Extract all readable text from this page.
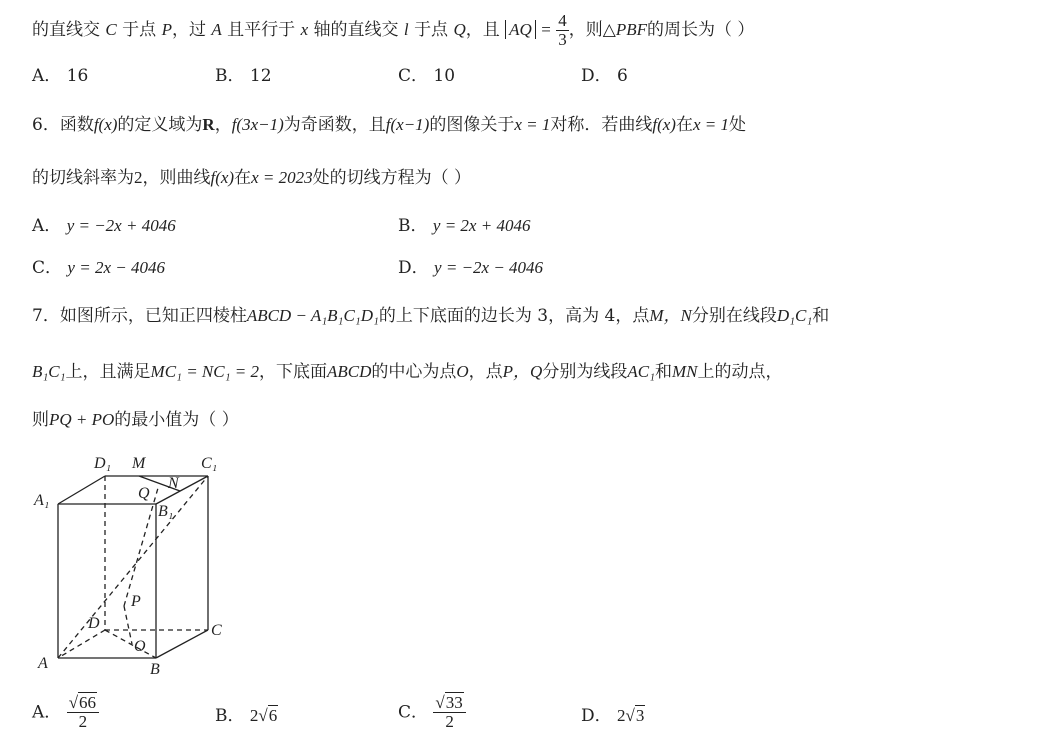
的直线交 C 于点 P，过 A 且平行于 x 轴的直线交 l 于点 Q，且 AQ = $\frac{4}{3}$ ，则△PBF的周长为（ ）
A． 16	B． 12	C． 10	D． 6
6．函数f(x)的定义域为R，f(3x−1)为奇函数，且f(x−1)的图像关于x = 1对称．若曲线f(x)在x = 1处
的切线斜率为2，则曲线f(x)在x = 2023处的切线方程为（ ）
A． y = −2x + 4046	B． y = 2x + 4046
C． y = 2x − 4046	D． y = −2x − 4046
7．如图所示，已知正四棱柱ABCD − A₁B₁C₁D₁的上下底面的边长为 3，高为 4，点M，N分别在线段D₁C₁和
B₁C₁上，且满足MC₁ = NC₁ = 2，下底面ABCD的中心为点O，点P，Q分别为线段AC₁和MN上的动点，
则PQ + PO的最小值为（ ）
D₁ M	C₁
A₁	Q
N
B₁
P
D	C
O
A	B
A． $\frac{√66}{2}$	B． 2√6	C． $\frac{√33}{2}$	D． 2√3
